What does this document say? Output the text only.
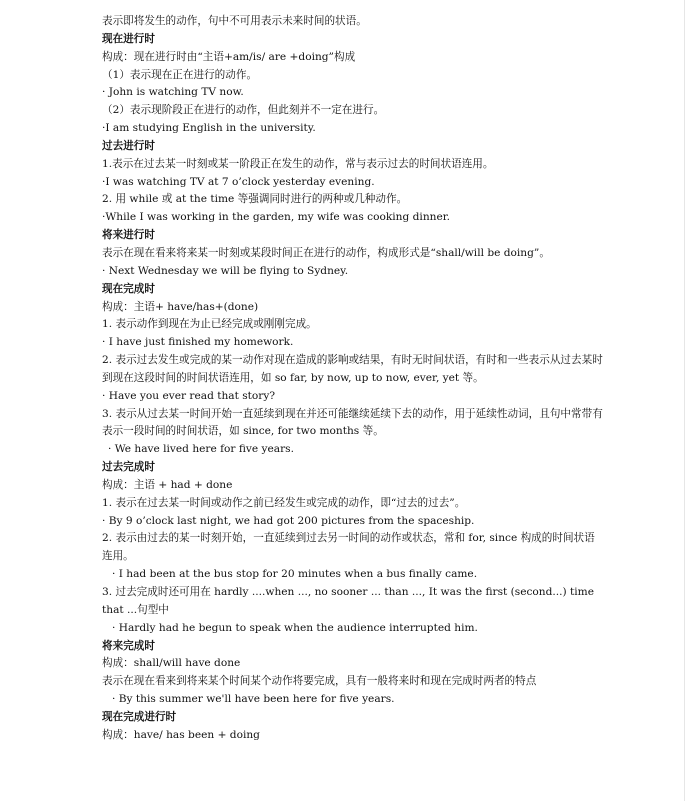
表示即将发生的动作，句中不可用表示未来时间的状语。
现在进行时
构成：现在进行时由“主语+am/is/ are +doing”构成
（1）表示现在正在进行的动作。
· John is watching TV now.
（2）表示现阶段正在进行的动作，但此刻并不一定在进行。
·I am studying English in the university.
过去进行时
1.表示在过去某一时刻或某一阶段正在发生的动作，常与表示过去的时间状语连用。
·I was watching TV at 7 o’clock yesterday evening.
2. 用 while 或 at the time 等强调同时进行的两种或几种动作。
·While I was working in the garden, my wife was cooking dinner.
将来进行时
表示在现在看来将来某一时刻或某段时间正在进行的动作，构成形式是“shall/will be doing”。
· Next Wednesday we will be flying to Sydney.
现在完成时
构成：主语+ have/has+(done)
1. 表示动作到现在为止已经完成或刚刚完成。
· I have just finished my homework.
2. 表示过去发生或完成的某一动作对现在造成的影响或结果，有时无时间状语，有时和一些表示从过去某时到现在这段时间的时间状语连用，如 so far, by now, up to now, ever, yet 等。
· Have you ever read that story?
3. 表示从过去某一时间开始一直延续到现在并还可能继续延续下去的动作，用于延续性动词，且句中常带有表示一段时间的时间状语，如 since, for two months 等。
· We have lived here for five years.
过去完成时
构成：主语 + had + done
1. 表示在过去某一时间或动作之前已经发生或完成的动作，即“过去的过去”。
· By 9 o’clock last night, we had got 200 pictures from the spaceship.
2. 表示由过去的某一时刻开始，一直延续到过去另一时间的动作或状态，常和 for, since 构成的时间状语连用。
· I had been at the bus stop for 20 minutes when a bus finally came.
3. 过去完成时还可用在 hardly ....when ..., no sooner ... than ..., It was the first (second...) time that ...句型中
· Hardly had he begun to speak when the audience interrupted him.
将来完成时
构成：shall/will have done
表示在现在看来到将来某个时间某个动作将要完成，具有一般将来时和现在完成时两者的特点
· By this summer we'll have been here for five years.
现在完成进行时
构成：have/ has been + doing
